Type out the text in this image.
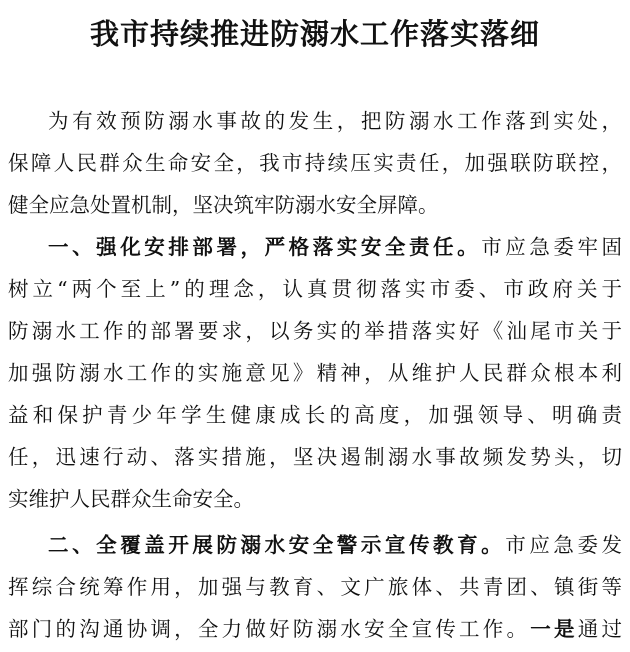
我市持续推进防溺水工作落实落细

为有效预防溺水事故的发生，把防溺水工作落到实处，

保障人民群众生命安全，我市持续压实责任，加强联防联控，

健全应急处置机制，坚决筑牢防溺水安全屏障。

一、强化安排部署，严格落实安全责任。市应急委牢固

树立“两个至上”的理念，认真贯彻落实市委、市政府关于

防溺水工作的部署要求，以务实的举措落实好《汕尾市关于

加强防溺水工作的实施意见》精神，从维护人民群众根本利

益和保护青少年学生健康成长的高度，加强领导、明确责

任，迅速行动、落实措施，坚决遏制溺水事故频发势头，切

实维护人民群众生命安全。

二、全覆盖开展防溺水安全警示宣传教育。市应急委发

挥综合统筹作用，加强与教育、文广旅体、共青团、镇街等

部门的沟通协调，全力做好防溺水安全宣传工作。一是通过
